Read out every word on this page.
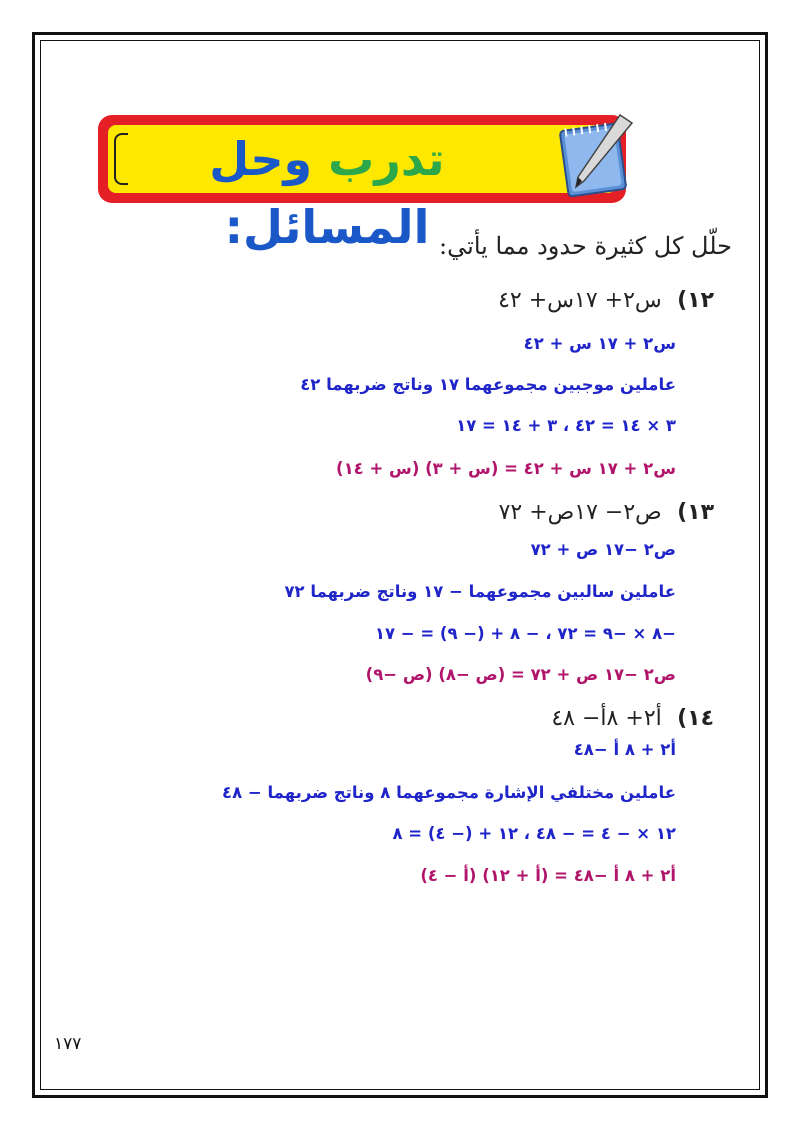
تدرب وحل المسائل: حلّل كل كثيرة حدود مما يأتي:
١٢)  س٢+ ١٧س+ ٤٢
س٢ + ١٧ س + ٤٢
عاملين موجبين مجموعهما ١٧ وناتج ضربهما ٤٢
٣ × ١٤ = ٤٢ ، ٣ + ١٤ = ١٧
س٢ + ١٧ س + ٤٢ = (س + ٣) (س + ١٤)
١٣)  ص٢− ١٧ص+ ٧٢
ص٢ −١٧ ص + ٧٢
عاملين سالبين مجموعهما − ١٧ وناتج ضربهما ٧٢
−٨ × −٩ = ٧٢ ، − ٨ + (− ٩) = − ١٧
ص٢ −١٧ ص + ٧٢ = (ص −٨) (ص −٩)
١٤)  أ٢+ ٨أ− ٤٨
أ٢ + ٨ أ −٤٨
عاملين مختلفي الإشارة مجموعهما ٨ وناتج ضربهما − ٤٨
١٢ × − ٤ = − ٤٨ ، ١٢ + (− ٤) = ٨
أ٢ + ٨ أ −٤٨ = (أ + ١٢) (أ − ٤)
١٧٧
